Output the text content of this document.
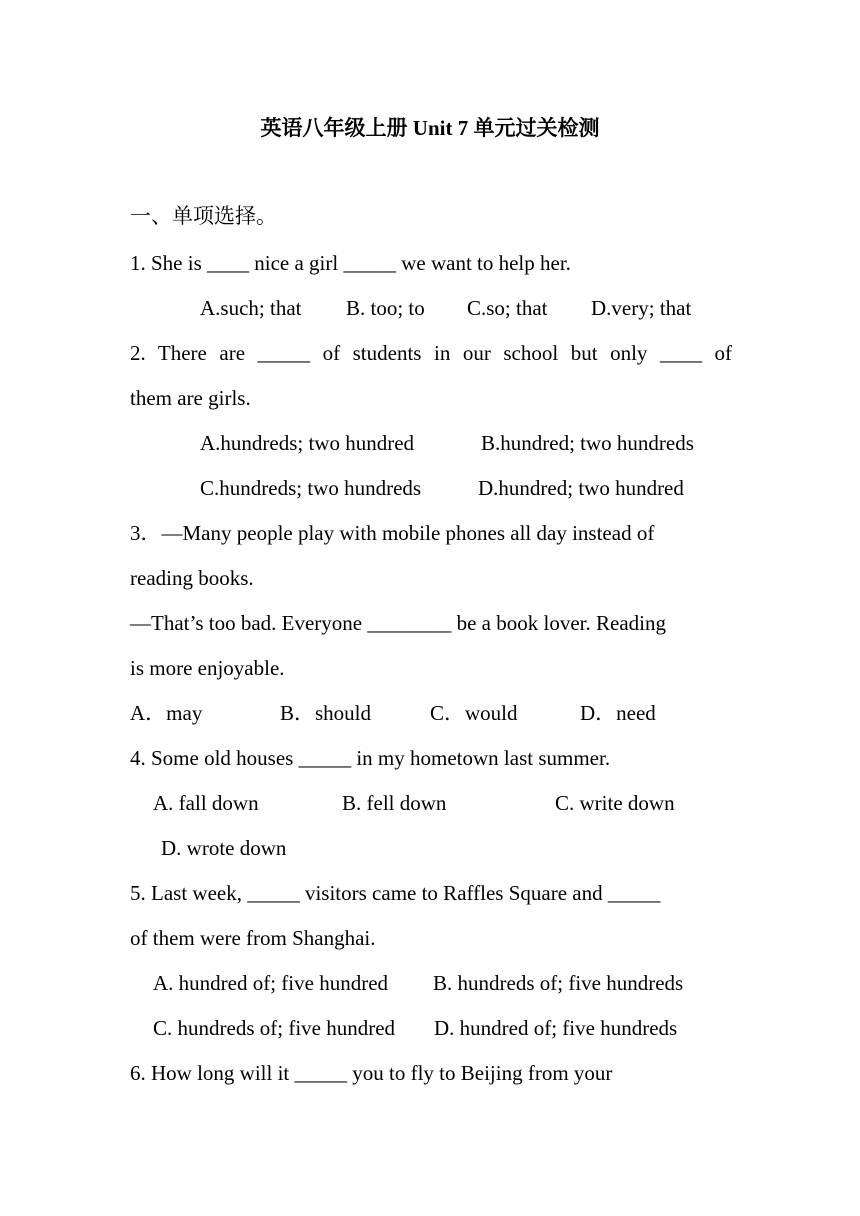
英语八年级上册 Unit 7 单元过关检测
一、单项选择。
1. She is ____ nice a girl _____ we want to help her.
A.such; that B. too; to C.so; that D.very; that
2. There are _____ of students in our school but only ____ of
them are girls.
A.hundreds; two hundred	B.hundred; two hundreds
C.hundreds; two hundreds	D.hundred; two hundred
3．—Many people play with mobile phones all day instead of
reading books.
—That’s too bad. Everyone ________ be a book lover. Reading
is more enjoyable.
A．may	B．should	C．would	D．need
4. Some old houses _____ in my hometown last summer.
A. fall down	B. fell down	C. write down
D. wrote down
5. Last week, _____ visitors came to Raffles Square and _____
of them were from Shanghai.
A. hundred of; five hundred B. hundreds of; five hundreds
C. hundreds of; five hundred D. hundred of; five hundreds
6. How long will it _____ you to fly to Beijing from your
